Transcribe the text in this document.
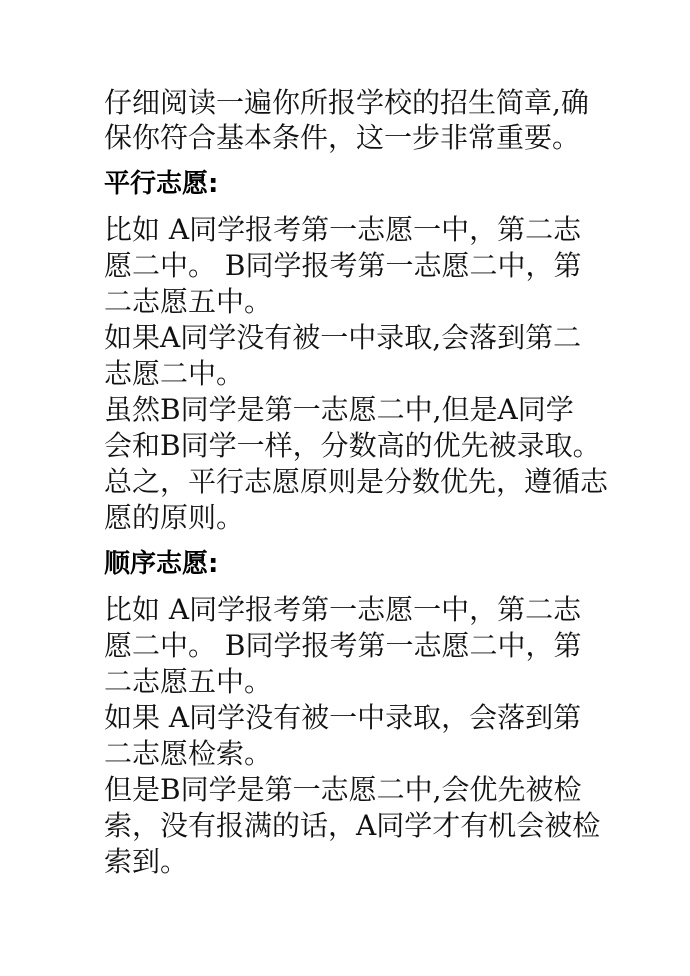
仔细阅读一遍你所报学校的招生简章,确
保你符合基本条件，这一步非常重要。
平行志愿:
比如 A同学报考第一志愿一中，第二志
愿二中。 B同学报考第一志愿二中，第
二志愿五中。
如果A同学没有被一中录取,会落到第二
志愿二中。
虽然B同学是第一志愿二中,但是A同学
会和B同学一样，分数高的优先被录取。
总之，平行志愿原则是分数优先，遵循志
愿的原则。
顺序志愿:
比如 A同学报考第一志愿一中，第二志
愿二中。 B同学报考第一志愿二中，第
二志愿五中。
如果 A同学没有被一中录取，会落到第
二志愿检索。
但是B同学是第一志愿二中,会优先被检
索，没有报满的话，A同学才有机会被检
索到。
